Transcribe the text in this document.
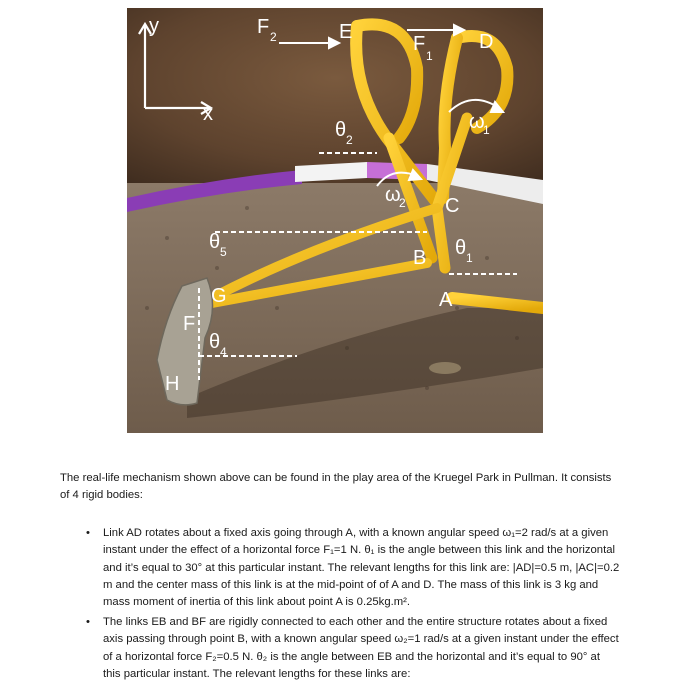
y
x
F 2	E
F
1
D
θ 2
ω
1
ω
2 C
θ 5	B θ 1
G	A
F
θ 4
H

The real-life mechanism shown above can be found in the play area of the Kruegel Park in Pullman. It consists of 4 rigid bodies:

• Link AD rotates about a fixed axis going through A, with a known angular speed ω₁=2 rad/s at a given instant under the effect of a horizontal force F₁=1 N. θ₁ is the angle between this link and the horizontal and it’s equal to 30° at this particular instant. The relevant lengths for this link are: |AD|=0.5 m, |AC|=0.2 m and the center mass of this link is at the mid-point of of A and D. The mass of this link is 3 kg and mass moment of inertia of this link about point A is 0.25kg.m².
• The links EB and BF are rigidly connected to each other and the entire structure rotates about a fixed axis passing through point B, with a known angular speed ω₂=1 rad/s at a given instant under the effect of a horizontal force F₂=0.5 N. θ₂ is the angle between EB and the horizontal and it’s equal to 90° at this particular instant. The relevant lengths for these links are:
